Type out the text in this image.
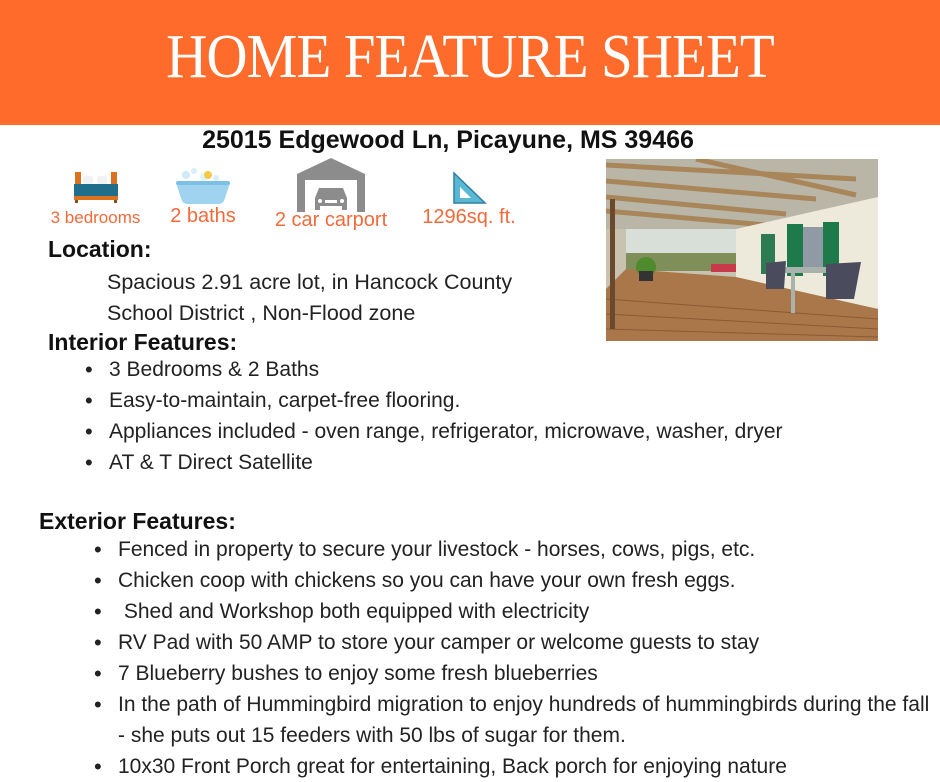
HOME FEATURE SHEET
25015 Edgewood Ln, Picayune, MS 39466
3 bedrooms	2 baths	2 car carport	1296sq. ft.
Location:
Spacious 2.91 acre lot, in Hancock County
School District , Non-Flood zone
Interior Features:
• 3 Bedrooms & 2 Baths
• Easy-to-maintain, carpet-free flooring.
• Appliances included - oven range, refrigerator, microwave, washer, dryer
• AT & T Direct Satellite
Exterior Features:
• Fenced in property to secure your livestock - horses, cows, pigs, etc.
• Chicken coop with chickens so you can have your own fresh eggs.
•  Shed and Workshop both equipped with electricity
• RV Pad with 50 AMP to store your camper or welcome guests to stay
• 7 Blueberry bushes to enjoy some fresh blueberries
• In the path of Hummingbird migration to enjoy hundreds of hummingbirds during the fall - she puts out 15 feeders with 50 lbs of sugar for them.
• 10x30 Front Porch great for entertaining, Back porch for enjoying nature
